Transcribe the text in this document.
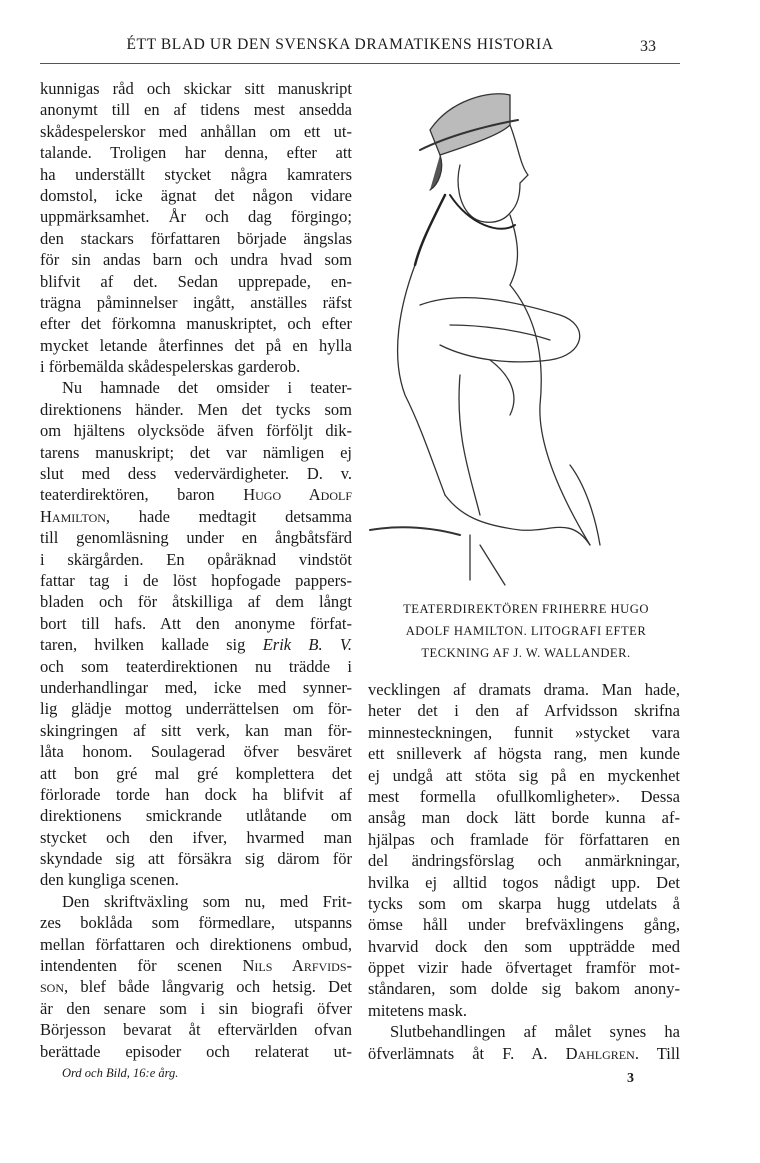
ÉTT BLAD UR DEN SVENSKA DRAMATIKENS HISTORIA	33
kunnigas råd och skickar sitt manuskript
anonymt till en af tidens mest ansedda
skådespelerskor med anhållan om ett ut-
talande. Troligen har denna, efter att
ha underställt stycket några kamraters
domstol, icke ägnat det någon vidare
uppmärksamhet. År och dag förgingo;
den stackars författaren började ängslas
för sin andas barn och undra hvad som
blifvit af det. Sedan upprepade, en-
trägna påminnelser ingått, anställes räfst
efter det förkomna manuskriptet, och efter
mycket letande återfinnes det på en hylla
i förbemälda skådespelerskas garderob.
Nu hamnade det omsider i teater-
direktionens händer. Men det tycks som
om hjältens olycksöde äfven förföljt dik-
tarens manuskript; det var nämligen ej
slut med dess vedervärdigheter. D. v.
teaterdirektören, baron Hugo Adolf
Hamilton, hade medtagit detsamma
till genomläsning under en ångbåtsfärd
i skärgården. En opåräknad vindstöt
fattar tag i de löst hopfogade pappers-
bladen och för åtskilliga af dem långt
bort till hafs. Att den anonyme förfat-
taren, hvilken kallade sig Erik B. V.
och som teaterdirektionen nu trädde i
underhandlingar med, icke med synner-
lig glädje mottog underrättelsen om för-
skingringen af sitt verk, kan man för-
låta honom. Soulagerad öfver besväret
att bon gré mal gré komplettera det
förlorade torde han dock ha blifvit af
direktionens smickrande utlåtande om
stycket och den ifver, hvarmed man
skyndade sig att försäkra sig därom för
den kungliga scenen.
Den skriftväxling som nu, med Frit-
zes boklåda som förmedlare, utspanns
mellan författaren och direktionens ombud,
intendenten för scenen Nils Arfvids-
son, blef både långvarig och hetsig. Det
är den senare som i sin biografi öfver
Börjesson bevarat åt eftervärlden ofvan
berättade episoder och relaterat ut-
TEATERDIREKTÖREN FRIHERRE HUGO
ADOLF HAMILTON. LITOGRAFI EFTER
TECKNING AF J. W. WALLANDER.
vecklingen af dramats drama. Man hade,
heter det i den af Arfvidsson skrifna
minnesteckningen, funnit »stycket vara
ett snilleverk af högsta rang, men kunde
ej undgå att stöta sig på en myckenhet
mest formella ofullkomligheter». Dessa
ansåg man dock lätt borde kunna af-
hjälpas och framlade för författaren en
del ändringsförslag och anmärkningar,
hvilka ej alltid togos nådigt upp. Det
tycks som om skarpa hugg utdelats å
ömse håll under brefväxlingens gång,
hvarvid dock den som uppträdde med
öppet vizir hade öfvertaget framför mot-
ståndaren, som dolde sig bakom anony-
mitetens mask.
Slutbehandlingen af målet synes ha
öfverlämnats åt F. A. Dahlgren. Till
Ord och Bild, 16:e årg.	3
